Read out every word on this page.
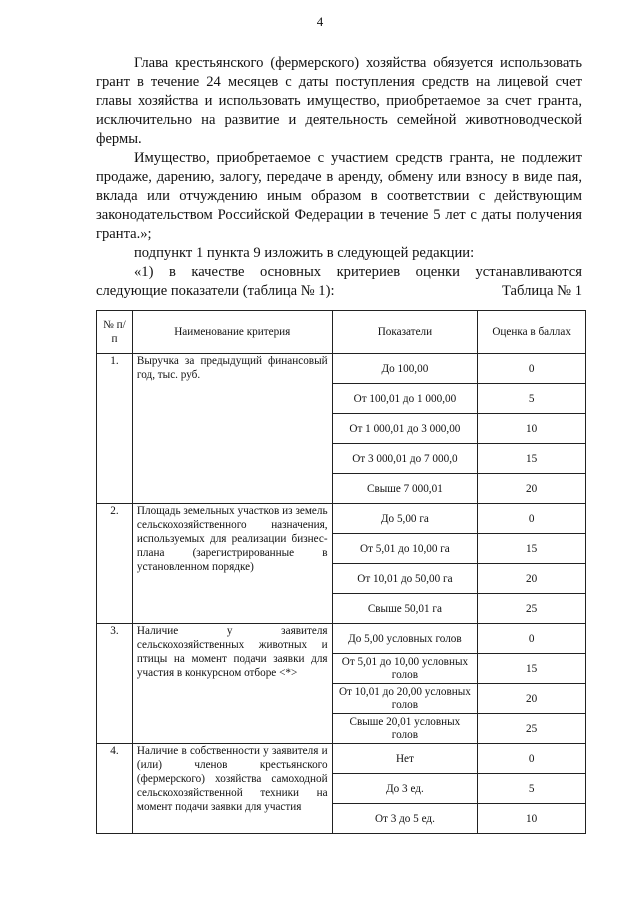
4

Глава крестьянского (фермерского) хозяйства обязуется использовать грант в течение 24 месяцев с даты поступления средств на лицевой счет главы хозяйства и использовать имущество, приобретаемое за счет гранта, исключительно на развитие и деятельность семейной животноводческой фермы.

Имущество, приобретаемое с участием средств гранта, не подлежит продаже, дарению, залогу, передаче в аренду, обмену или взносу в виде пая, вклада или отчуждению иным образом в соответствии с действующим законодательством Российской Федерации в течение 5 лет с даты получения гранта.»;

подпункт 1 пункта 9 изложить в следующей редакции:

«1) в качестве основных критериев оценки устанавливаются следующие показатели (таблица № 1):	Таблица № 1
№ п/п	Наименование критерия	Показатели	Оценка в баллах
1.	Выручка за предыдущий финансовый год, тыс. руб.	До 100,00	0
		От 100,01 до 1 000,00	5
		От 1 000,01 до 3 000,00	10
		От 3 000,01 до 7 000,0	15
		Свыше 7 000,01	20
2.	Площадь земельных участков из земель сельскохозяйственного назначения, используемых для реализации бизнес-плана (зарегистрированные в установленном порядке)	До 5,00 га	0
		От 5,01 до 10,00 га	15
		От 10,01 до 50,00 га	20
		Свыше 50,01 га	25
3.	Наличие у заявителя сельскохозяйственных животных и птицы на момент подачи заявки для участия в конкурсном отборе <*>	До 5,00 условных голов	0
		От 5,01 до 10,00 условных голов	15
		От 10,01 до 20,00 условных голов	20
		Свыше 20,01 условных голов	25
4.	Наличие в собственности у заявителя и (или) членов крестьянского (фермерского) хозяйства самоходной сельскохозяйственной техники на момент подачи заявки для участия	Нет	0
		До 3 ед.	5
		От 3 до 5 ед.	10
